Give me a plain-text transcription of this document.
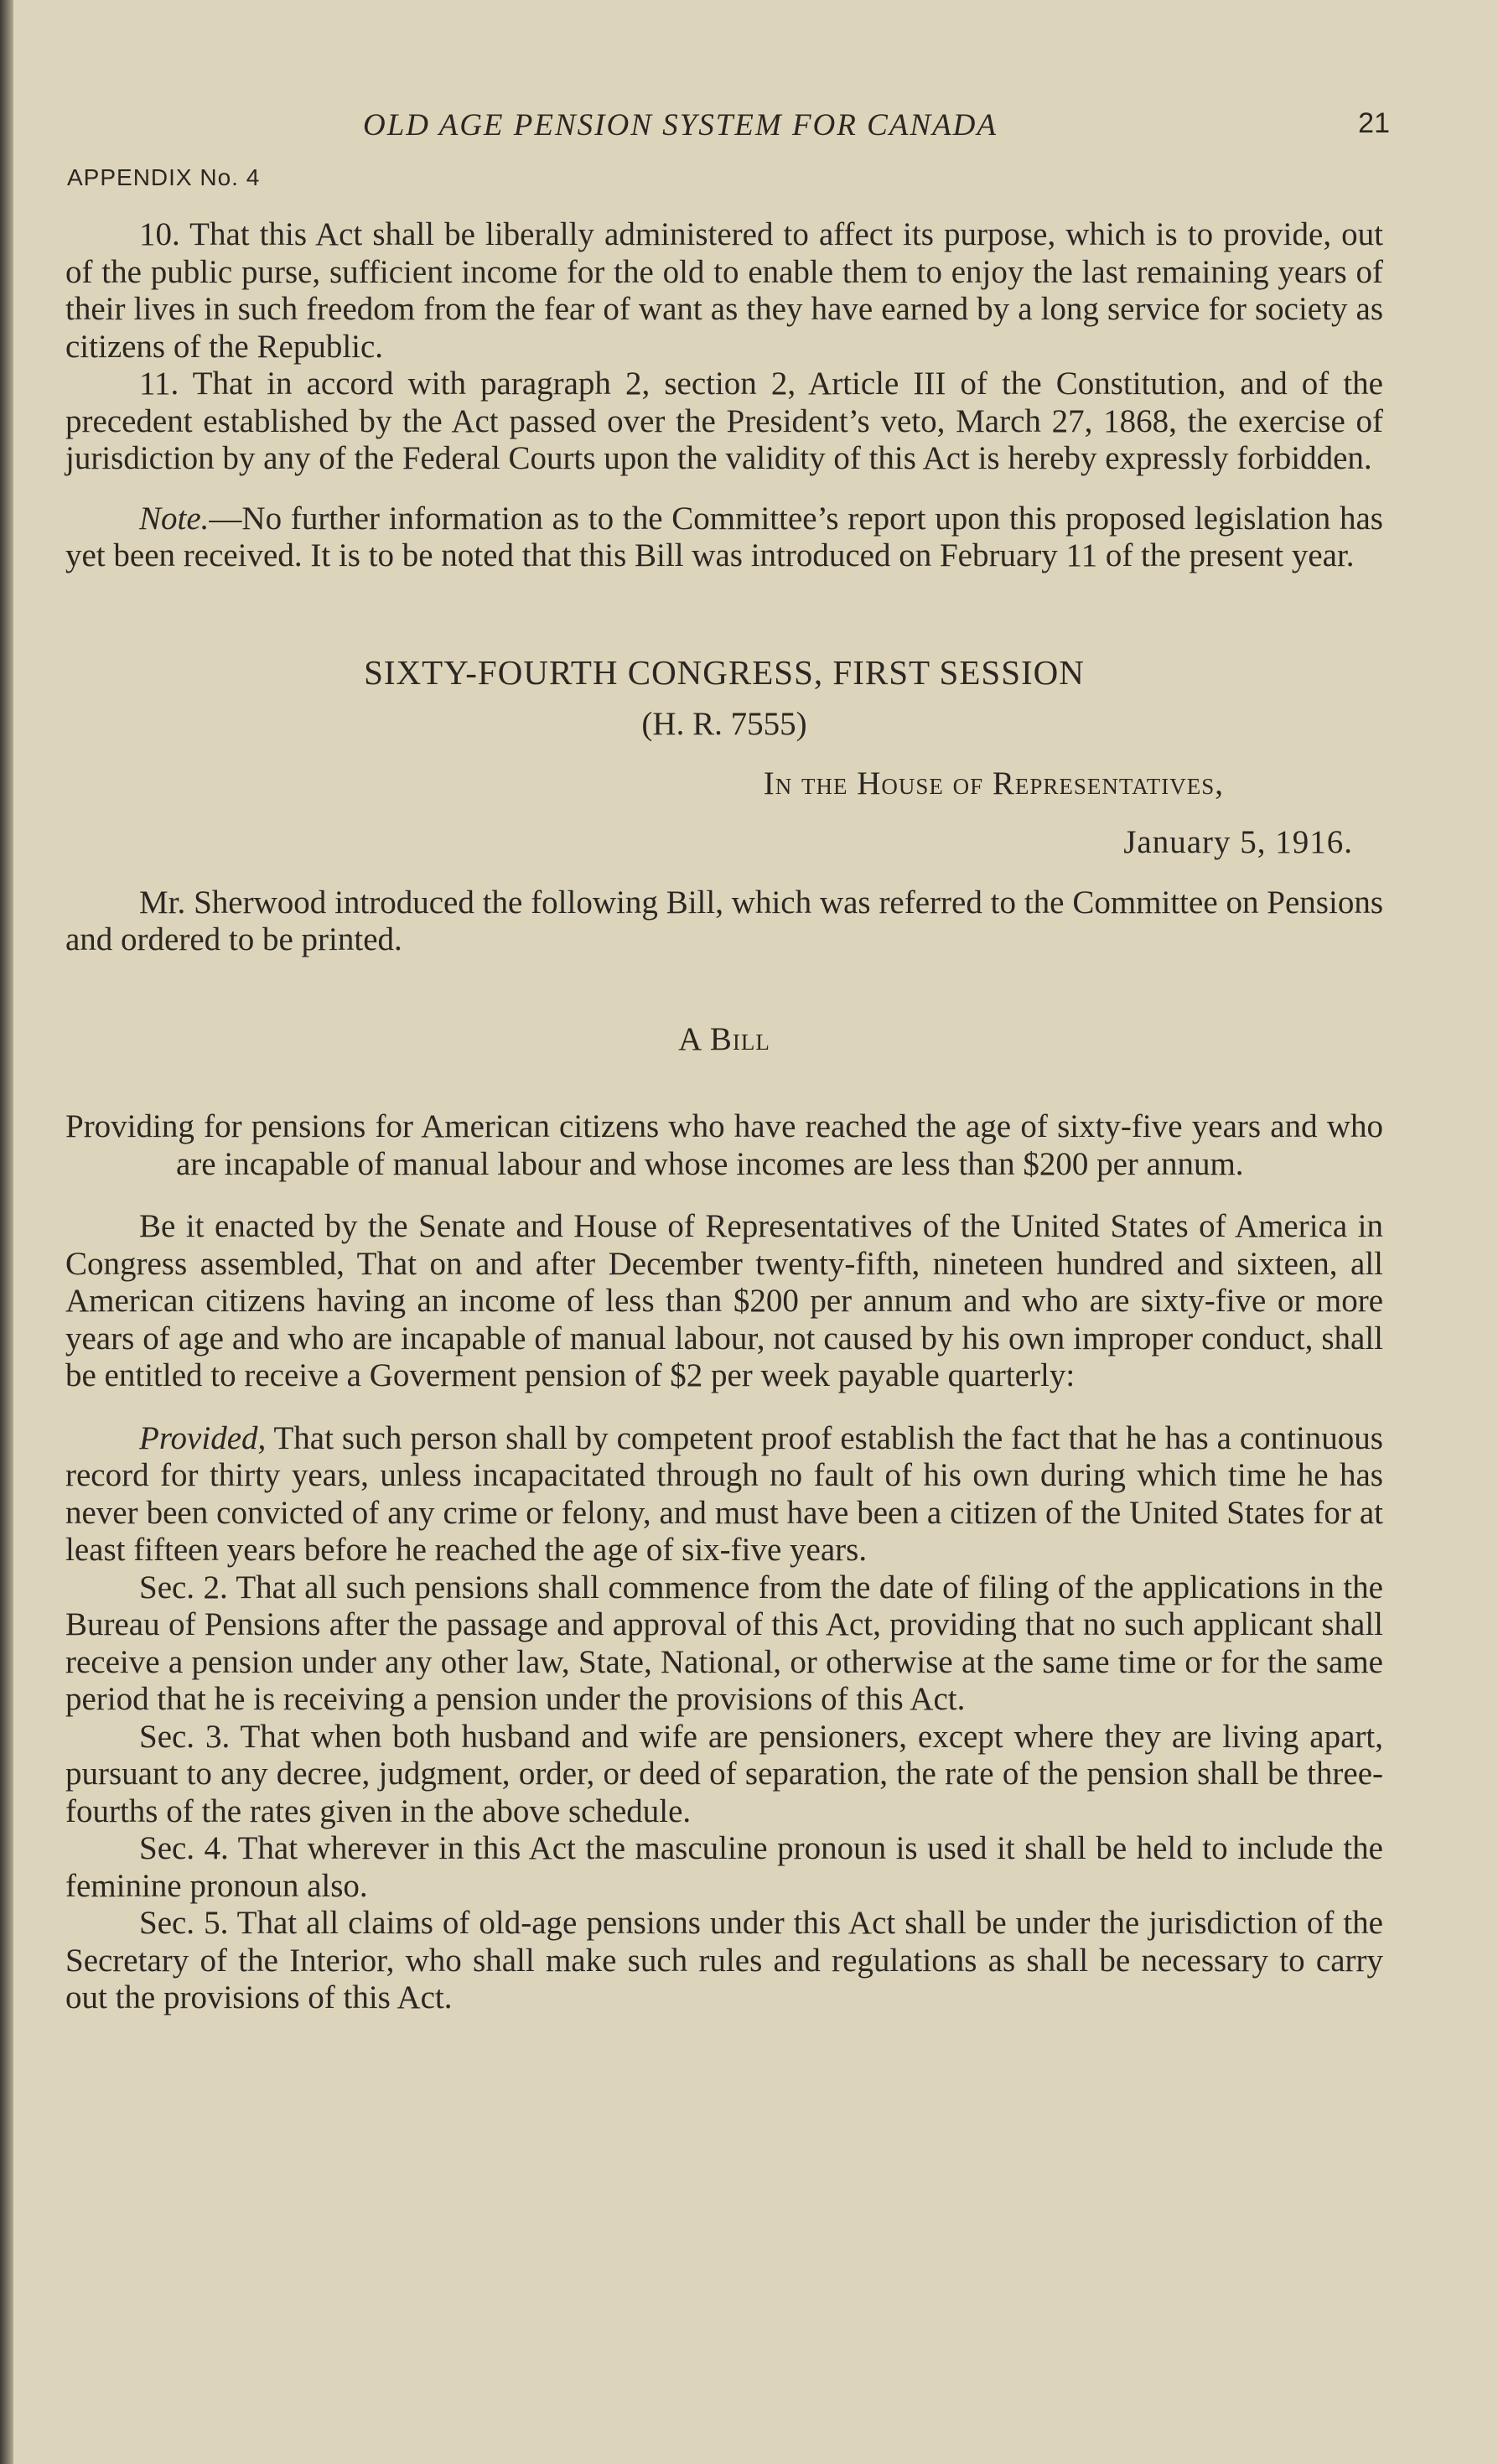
OLD AGE PENSION SYSTEM FOR CANADA	21
APPENDIX No. 4

10. That this Act shall be liberally administered to affect its purpose, which is to provide, out of the public purse, sufficient income for the old to enable them to enjoy the last remaining years of their lives in such freedom from the fear of want as they have earned by a long service for society as citizens of the Republic.

11. That in accord with paragraph 2, section 2, Article III of the Constitution, and of the precedent established by the Act passed over the President’s veto, March 27, 1868, the exercise of jurisdiction by any of the Federal Courts upon the validity of this Act is hereby expressly forbidden.

Note.—No further information as to the Committee’s report upon this proposed legislation has yet been received. It is to be noted that this Bill was introduced on February 11 of the present year.

SIXTY-FOURTH CONGRESS, FIRST SESSION

(H. R. 7555)

In the House of Representatives,

January 5, 1916.

Mr. Sherwood introduced the following Bill, which was referred to the Committee on Pensions and ordered to be printed.

A Bill

Providing for pensions for American citizens who have reached the age of sixty-five years and who are incapable of manual labour and whose incomes are less than $200 per annum.

Be it enacted by the Senate and House of Representatives of the United States of America in Congress assembled, That on and after December twenty-fifth, nineteen hundred and sixteen, all American citizens having an income of less than $200 per annum and who are sixty-five or more years of age and who are incapable of manual labour, not caused by his own improper conduct, shall be entitled to receive a Goverment pension of $2 per week payable quarterly:

Provided, That such person shall by competent proof establish the fact that he has a continuous record for thirty years, unless incapacitated through no fault of his own during which time he has never been convicted of any crime or felony, and must have been a citizen of the United States for at least fifteen years before he reached the age of six-five years.

Sec. 2. That all such pensions shall commence from the date of filing of the applications in the Bureau of Pensions after the passage and approval of this Act, providing that no such applicant shall receive a pension under any other law, State, National, or otherwise at the same time or for the same period that he is receiving a pension under the provisions of this Act.

Sec. 3. That when both husband and wife are pensioners, except where they are living apart, pursuant to any decree, judgment, order, or deed of separation, the rate of the pension shall be three-fourths of the rates given in the above schedule.

Sec. 4. That wherever in this Act the masculine pronoun is used it shall be held to include the feminine pronoun also.

Sec. 5. That all claims of old-age pensions under this Act shall be under the jurisdiction of the Secretary of the Interior, who shall make such rules and regulations as shall be necessary to carry out the provisions of this Act.
